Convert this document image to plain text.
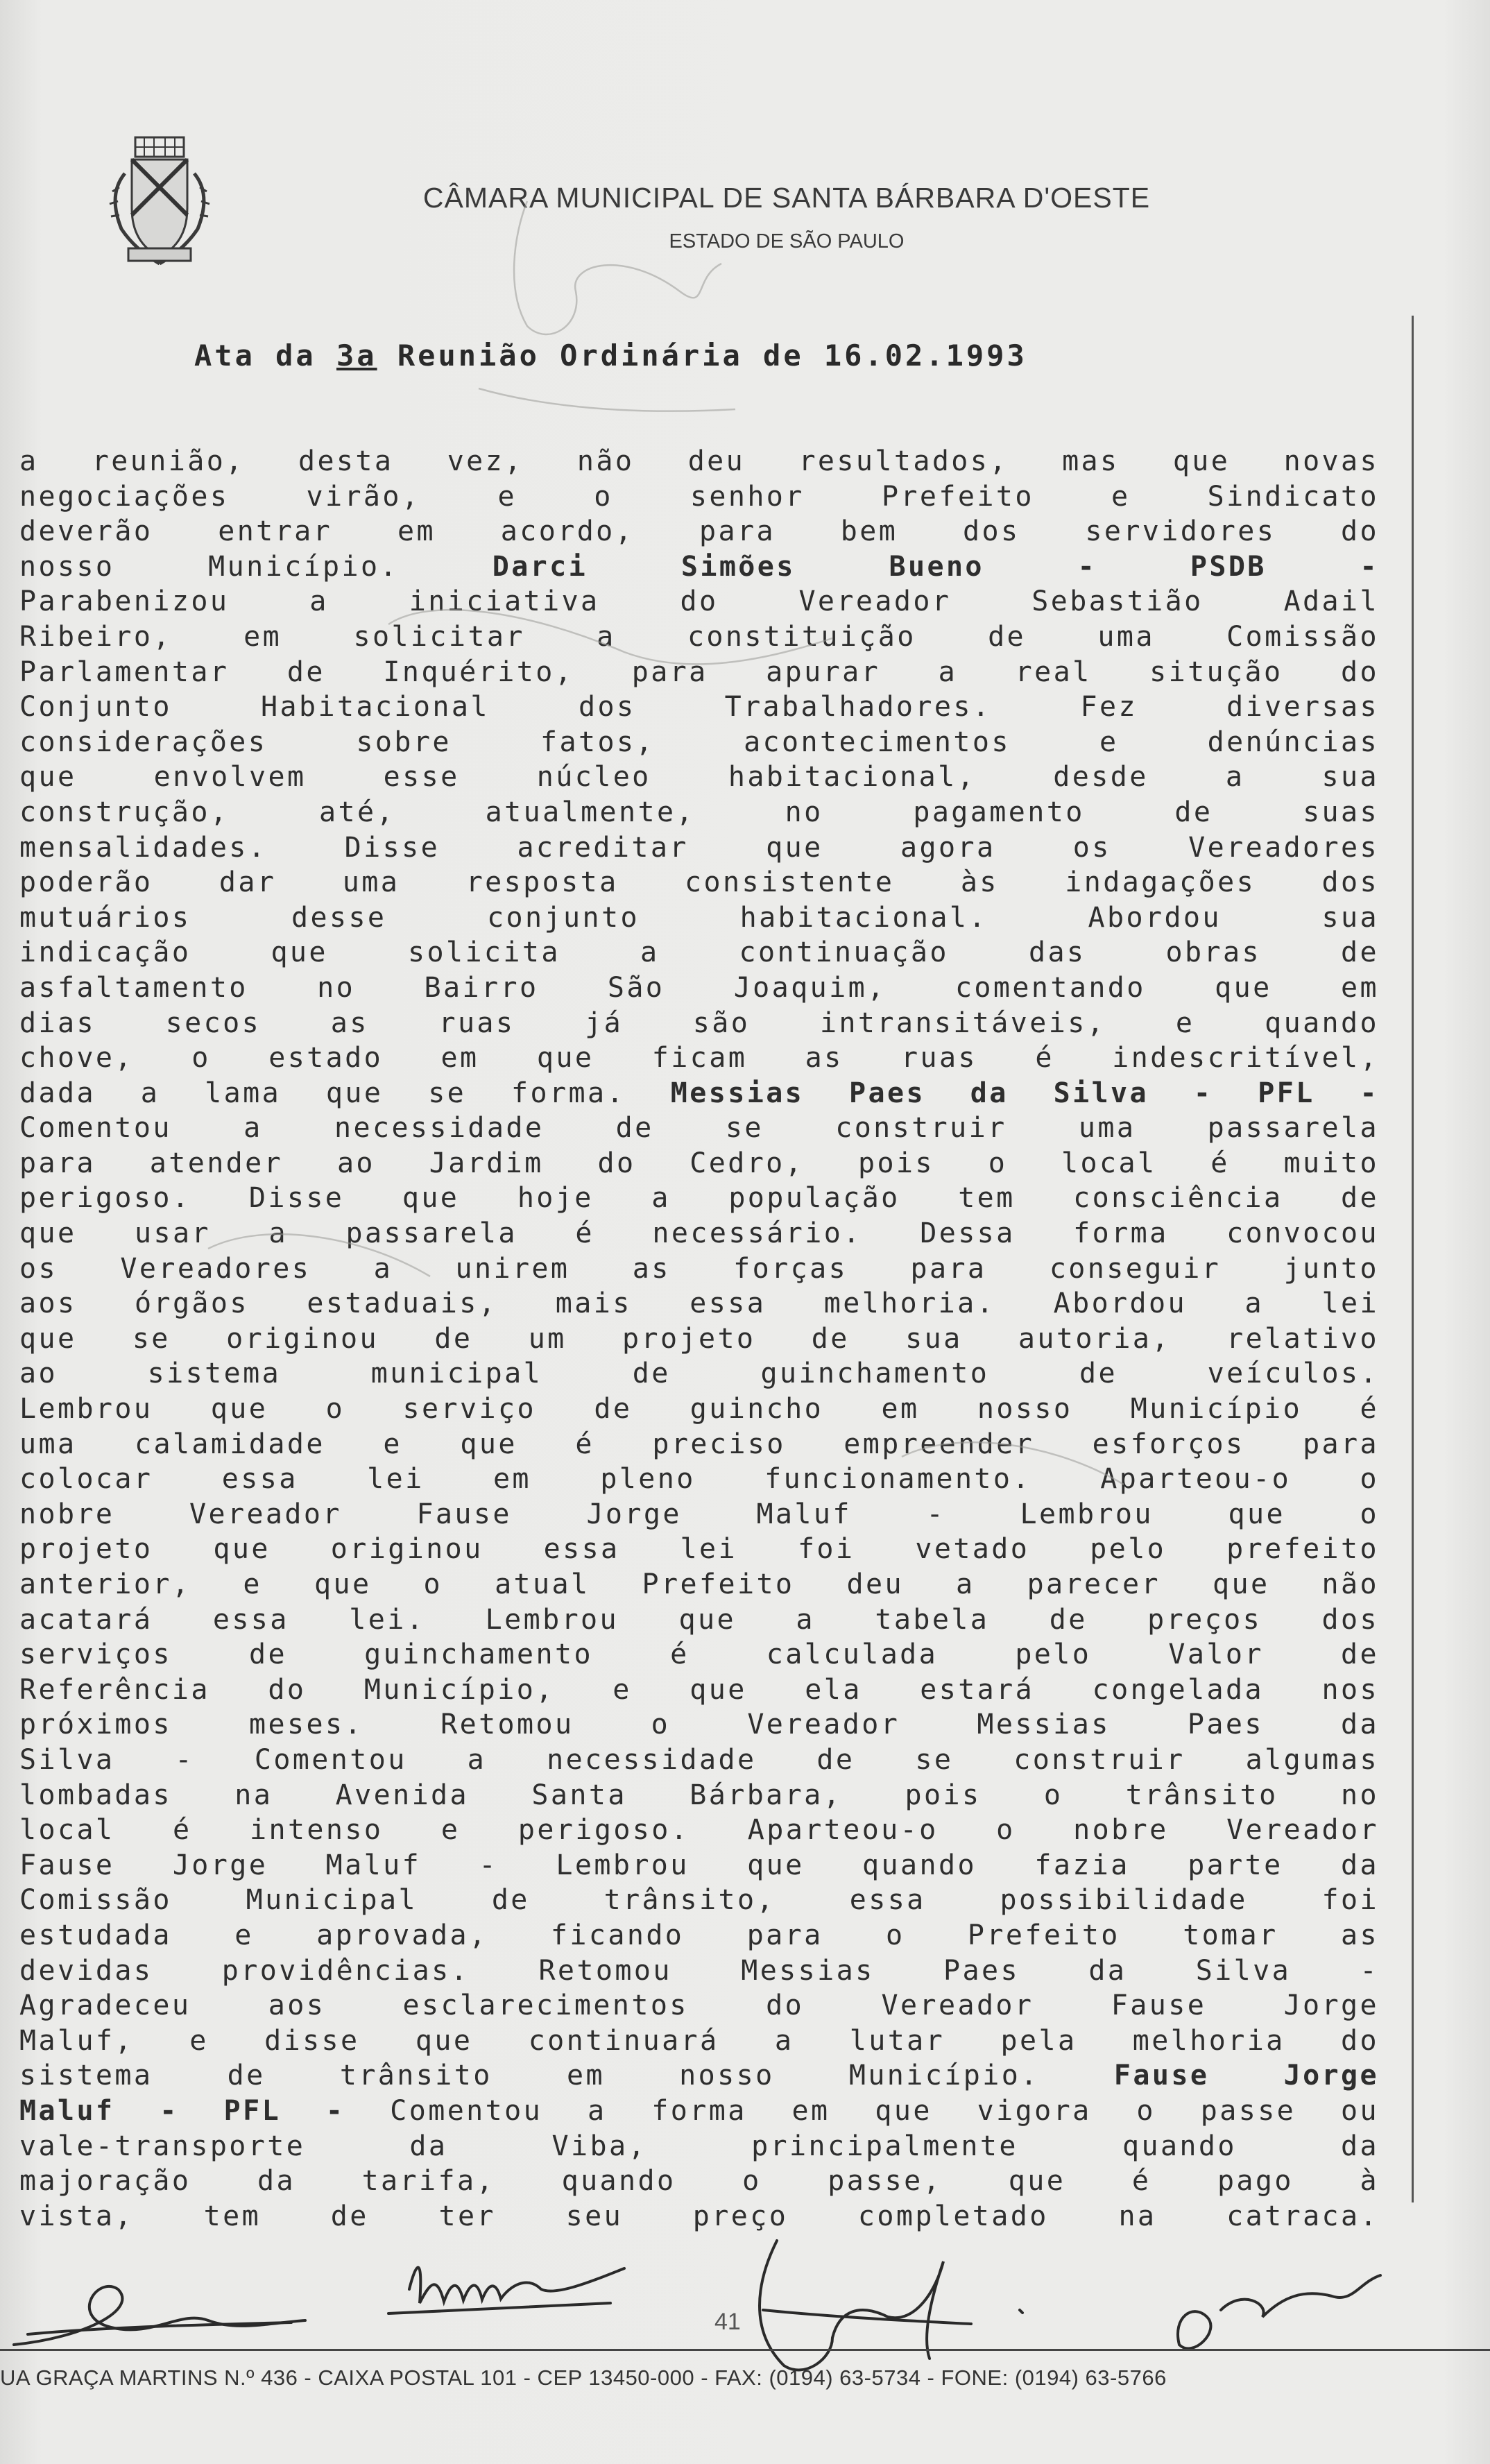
CÂMARA MUNICIPAL DE SANTA BÁRBARA D'OESTE
ESTADO DE SÃO PAULO
Ata da 3a Reunião Ordinária de 16.02.1993
a reunião, desta vez, não deu resultados, mas que novas
negociações virão, e o senhor Prefeito e Sindicato
deverão entrar em acordo, para bem dos servidores do
nosso Município. Darci Simões Bueno - PSDB -
Parabenizou a iniciativa do Vereador Sebastião Adail
Ribeiro, em solicitar a constituição de uma Comissão
Parlamentar de Inquérito, para apurar a real situção do
Conjunto Habitacional dos Trabalhadores. Fez diversas
considerações sobre fatos, acontecimentos e denúncias
que envolvem esse núcleo habitacional, desde a sua
construção, até, atualmente, no pagamento de suas
mensalidades. Disse acreditar que agora os Vereadores
poderão dar uma resposta consistente às indagações dos
mutuários desse conjunto habitacional. Abordou sua
indicação que solicita a continuação das obras de
asfaltamento no Bairro São Joaquim, comentando que em
dias secos as ruas já são intransitáveis, e quando
chove, o estado em que ficam as ruas é indescritível,
dada a lama que se forma. Messias Paes da Silva - PFL -
Comentou a necessidade de se construir uma passarela
para atender ao Jardim do Cedro, pois o local é muito
perigoso. Disse que hoje a população tem consciência de
que usar a passarela é necessário. Dessa forma convocou
os Vereadores a unirem as forças para conseguir junto
aos órgãos estaduais, mais essa melhoria. Abordou a lei
que se originou de um projeto de sua autoria, relativo
ao sistema municipal de guinchamento de veículos.
Lembrou que o serviço de guincho em nosso Município é
uma calamidade e que é preciso empreender esforços para
colocar essa lei em pleno funcionamento. Aparteou-o o
nobre Vereador Fause Jorge Maluf - Lembrou que o
projeto que originou essa lei foi vetado pelo prefeito
anterior, e que o atual Prefeito deu a parecer que não
acatará essa lei. Lembrou que a tabela de preços dos
serviços de guinchamento é calculada pelo Valor de
Referência do Município, e que ela estará congelada nos
próximos meses. Retomou o Vereador Messias Paes da
Silva - Comentou a necessidade de se construir algumas
lombadas na Avenida Santa Bárbara, pois o trânsito no
local é intenso e perigoso. Aparteou-o o nobre Vereador
Fause Jorge Maluf - Lembrou que quando fazia parte da
Comissão Municipal de trânsito, essa possibilidade foi
estudada e aprovada, ficando para o Prefeito tomar as
devidas providências. Retomou Messias Paes da Silva -
Agradeceu aos esclarecimentos do Vereador Fause Jorge
Maluf, e disse que continuará a lutar pela melhoria do
sistema de trânsito em nosso Município. Fause Jorge
Maluf - PFL - Comentou a forma em que vigora o passe ou
vale-transporte da Viba, principalmente quando da
majoração da tarifa, quando o passe, que é pago à
vista, tem de ter seu preço completado na catraca.
41
UA GRAÇA MARTINS N.º 436 - CAIXA POSTAL 101 - CEP 13450-000 - FAX: (0194) 63-5734 - FONE: (0194) 63-5766
